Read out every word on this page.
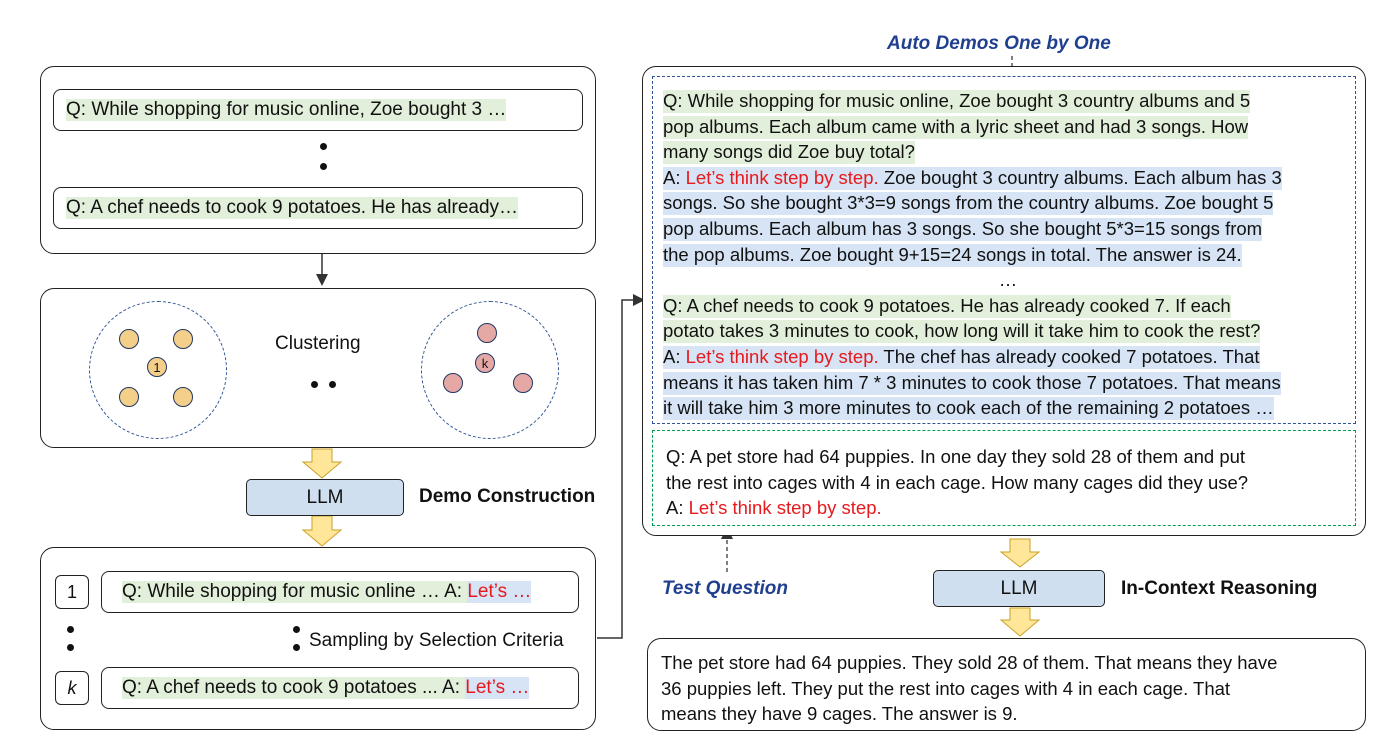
Q: While shopping for music online, Zoe bought 3 …
Q: A chef needs to cook 9 potatoes. He has already…
1
Clustering
k
LLM	Demo Construction
1	Q: While shopping for music online … A: Let’s …
Sampling by Selection Criteria
k	Q: A chef needs to cook 9 potatoes ... A: Let’s …
Auto Demos One by One
Q: While shopping for music online, Zoe bought 3 country albums and 5
pop albums. Each album came with a lyric sheet and had 3 songs. How
many songs did Zoe buy total?
A: Let’s think step by step. Zoe bought 3 country albums. Each album has 3
songs. So she bought 3*3=9 songs from the country albums. Zoe bought 5
pop albums. Each album has 3 songs. So she bought 5*3=15 songs from
the pop albums. Zoe bought 9+15=24 songs in total. The answer is 24.
…
Q: A chef needs to cook 9 potatoes. He has already cooked 7. If each
potato takes 3 minutes to cook, how long will it take him to cook the rest?
A: Let’s think step by step. The chef has already cooked 7 potatoes. That
means it has taken him 7 * 3 minutes to cook those 7 potatoes. That means
it will take him 3 more minutes to cook each of the remaining 2 potatoes …
Q: A pet store had 64 puppies. In one day they sold 28 of them and put
the rest into cages with 4 in each cage. How many cages did they use?
A: Let’s think step by step.
Test Question	LLM	In-Context Reasoning
The pet store had 64 puppies. They sold 28 of them. That means they have
36 puppies left. They put the rest into cages with 4 in each cage. That
means they have 9 cages. The answer is 9.
